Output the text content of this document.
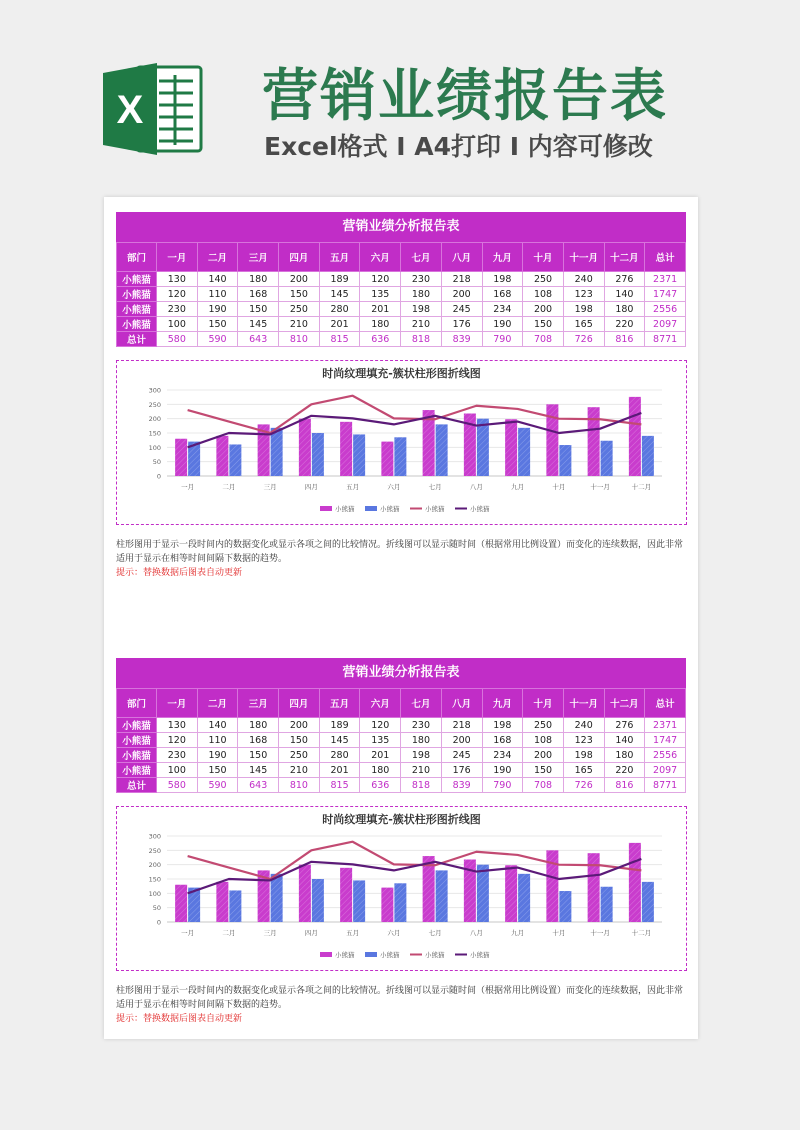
X 营销业绩报告表
Excel格式 Ⅰ A4打印 Ⅰ 内容可修改
营销业绩分析报告表
部门	一月	二月	三月	四月	五月	六月	七月	八月	九月	十月	十一月	十二月	总计
小熊猫	130	140	180	200	189	120	230	218	198	250	240	276	2371
小熊猫	120	110	168	150	145	135	180	200	168	108	123	140	1747
小熊猫	230	190	150	250	280	201	198	245	234	200	198	180	2556
小熊猫	100	150	145	210	201	180	210	176	190	150	165	220	2097
总计	580	590	643	810	815	636	818	839	790	708	726	816	8771
时尚纹理填充-簇状柱形图折线图
0
50
100
150
200
250
300
一月	二月	三月	四月	五月	六月	七月	八月	九月	十月	十一月	十二月
小熊猫	小熊猫	小熊猫	小熊猫
柱形图用于显示一段时间内的数据变化或显示各项之间的比较情况。折线图可以显示随时间（根据常用比例设置）而变化的连续数据，因此非常适用于显示在相等时间间隔下数据的趋势。
提示：替换数据后图表自动更新
营销业绩分析报告表
部门	一月	二月	三月	四月	五月	六月	七月	八月	九月	十月	十一月	十二月	总计
小熊猫	130	140	180	200	189	120	230	218	198	250	240	276	2371
小熊猫	120	110	168	150	145	135	180	200	168	108	123	140	1747
小熊猫	230	190	150	250	280	201	198	245	234	200	198	180	2556
小熊猫	100	150	145	210	201	180	210	176	190	150	165	220	2097
总计	580	590	643	810	815	636	818	839	790	708	726	816	8771
时尚纹理填充-簇状柱形图折线图
0
50
100
150
200
250
300
一月	二月	三月	四月	五月	六月	七月	八月	九月	十月	十一月	十二月
小熊猫	小熊猫	小熊猫	小熊猫
柱形图用于显示一段时间内的数据变化或显示各项之间的比较情况。折线图可以显示随时间（根据常用比例设置）而变化的连续数据，因此非常适用于显示在相等时间间隔下数据的趋势。
提示：替换数据后图表自动更新
